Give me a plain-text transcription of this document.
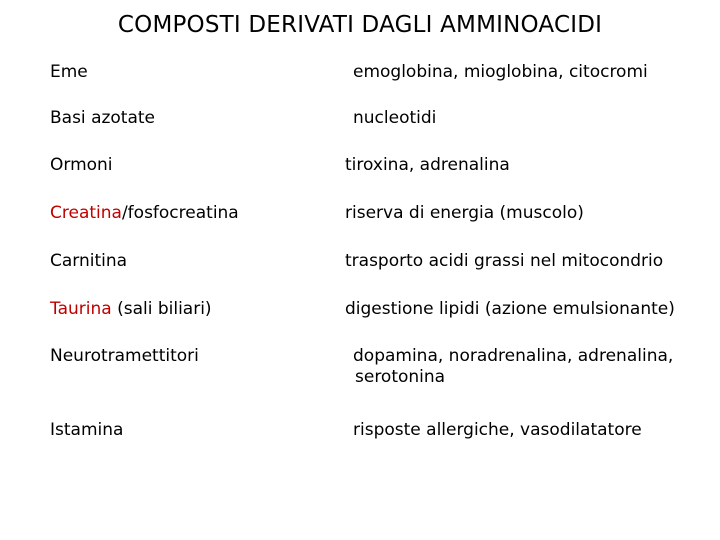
COMPOSTI DERIVATI DAGLI AMMINOACIDI
Eme	emoglobina, mioglobina, citocromi
Basi azotate	nucleotidi
Ormoni	tiroxina, adrenalina
Creatina/fosfocreatina	riserva di energia (muscolo)
Carnitina	trasporto acidi grassi nel mitocondrio
Taurina (sali biliari)	digestione lipidi (azione emulsionante)
Neurotramettitori	dopamina, noradrenalina, adrenalina,
serotonina
Istamina	risposte allergiche, vasodilatatore
